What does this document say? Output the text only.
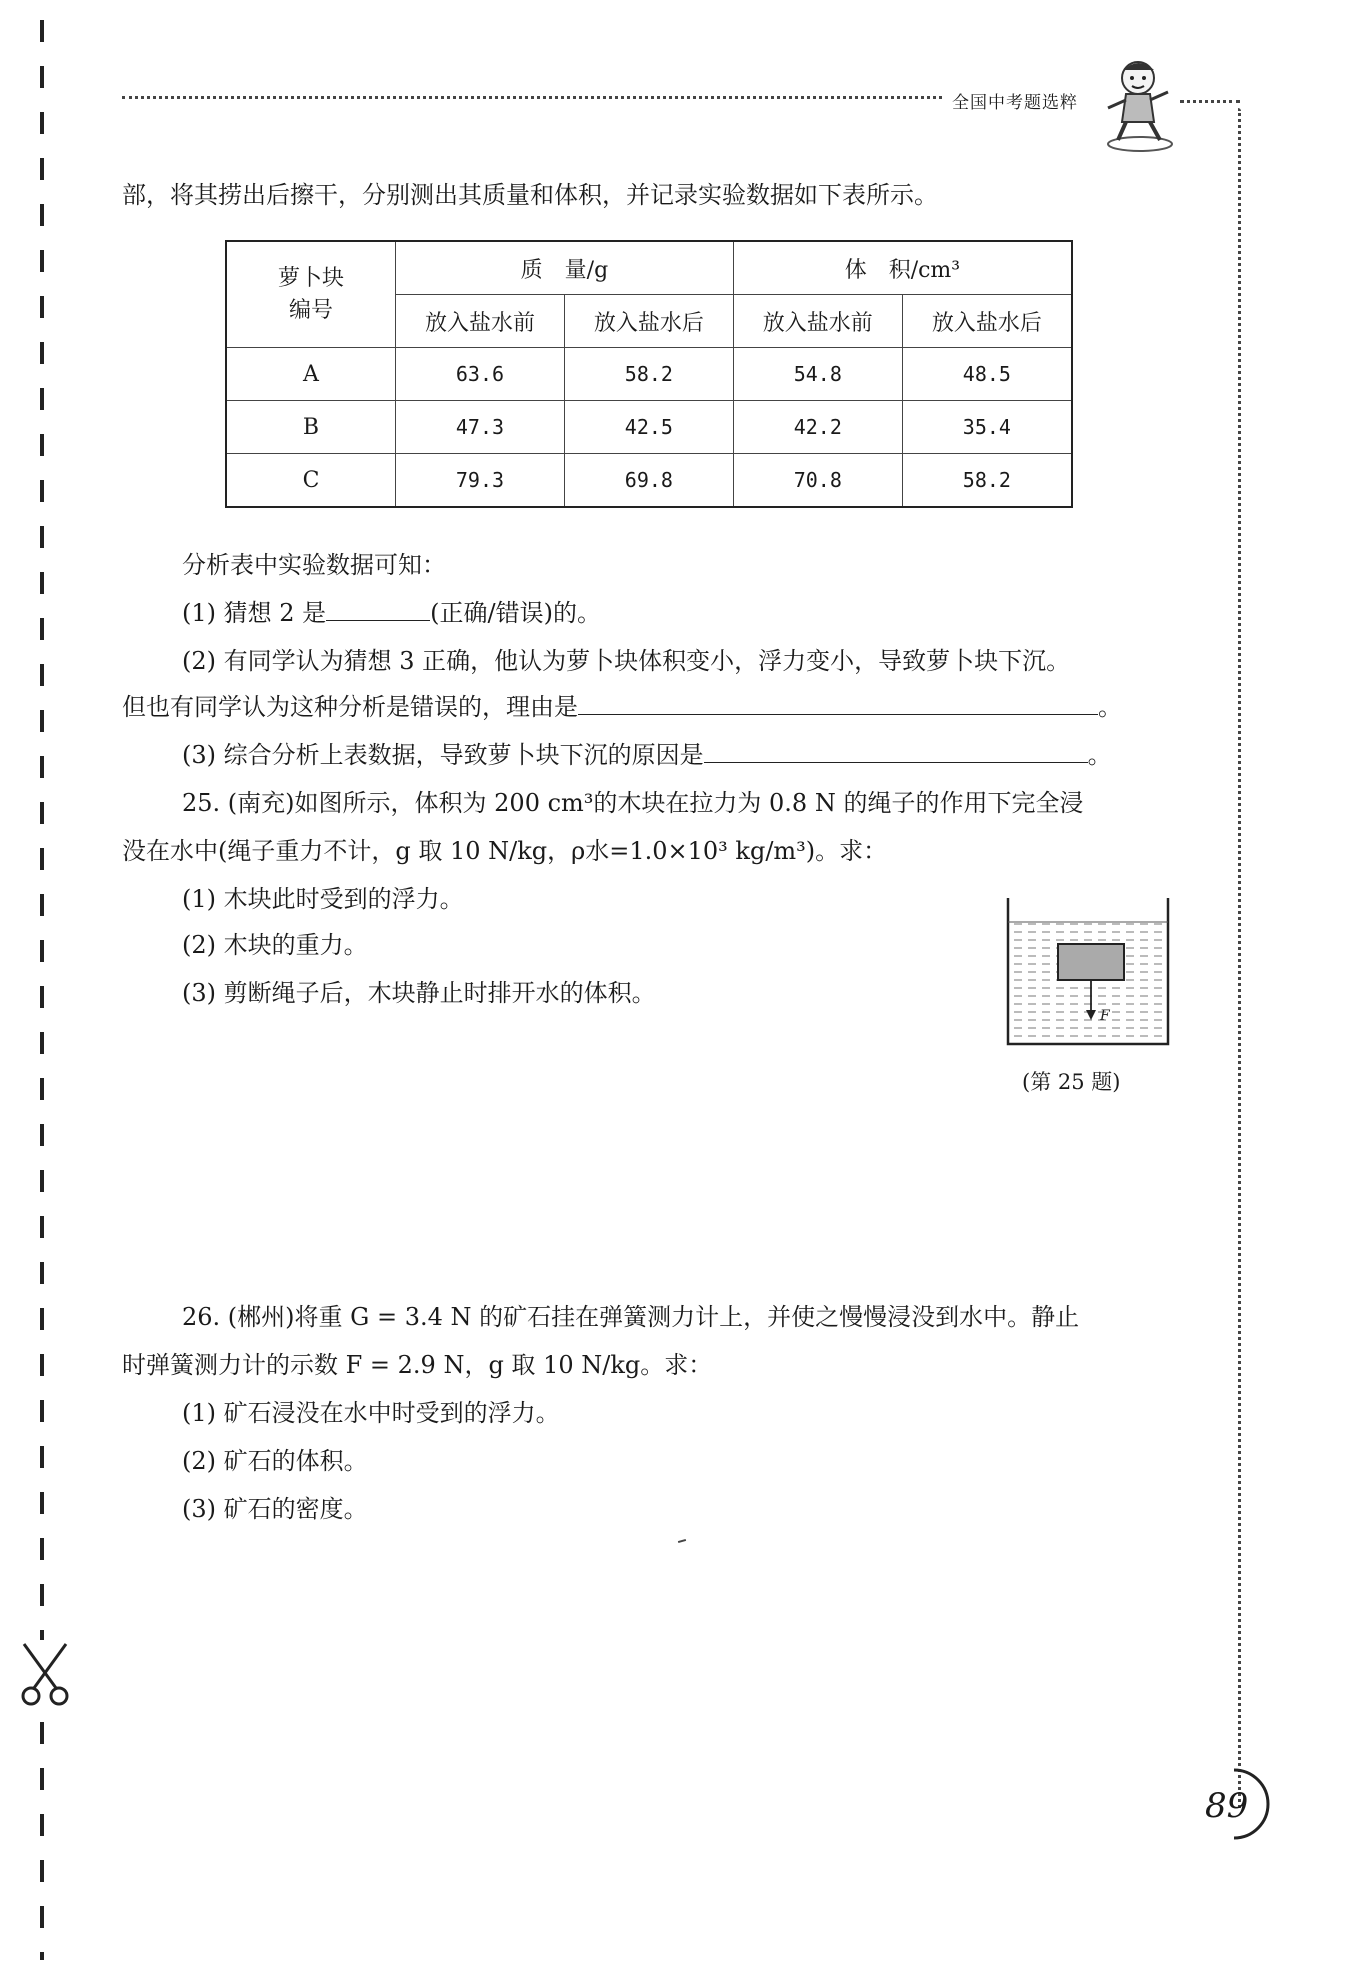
全国中考题选粹
部，将其捞出后擦干，分别测出其质量和体积，并记录实验数据如下表所示。
萝卜块
编号	质　量/g		体　积/cm³	
	放入盐水前	放入盐水后	放入盐水前	放入盐水后
A	63.6	58.2	54.8	48.5
B	47.3	42.5	42.2	35.4
C	79.3	69.8	70.8	58.2
分析表中实验数据可知：
(1) 猜想 2 是	(正确/错误)的。
(2) 有同学认为猜想 3 正确，他认为萝卜块体积变小，浮力变小，导致萝卜块下沉。
但也有同学认为这种分析是错误的，理由是	。
(3) 综合分析上表数据，导致萝卜块下沉的原因是	。
25. (南充)如图所示，体积为 200 cm³的木块在拉力为 0.8 N 的绳子的作用下完全浸
没在水中(绳子重力不计，g 取 10 N/kg，ρ水=1.0×10³ kg/m³)。求：
(1) 木块此时受到的浮力。
(2) 木块的重力。
(3) 剪断绳子后，木块静止时排开水的体积。
F
(第 25 题)
26. (郴州)将重 G = 3.4 N 的矿石挂在弹簧测力计上，并使之慢慢浸没到水中。静止
时弹簧测力计的示数 F = 2.9 N，g 取 10 N/kg。求：
(1) 矿石浸没在水中时受到的浮力。
(2) 矿石的体积。
(3) 矿石的密度。
89
